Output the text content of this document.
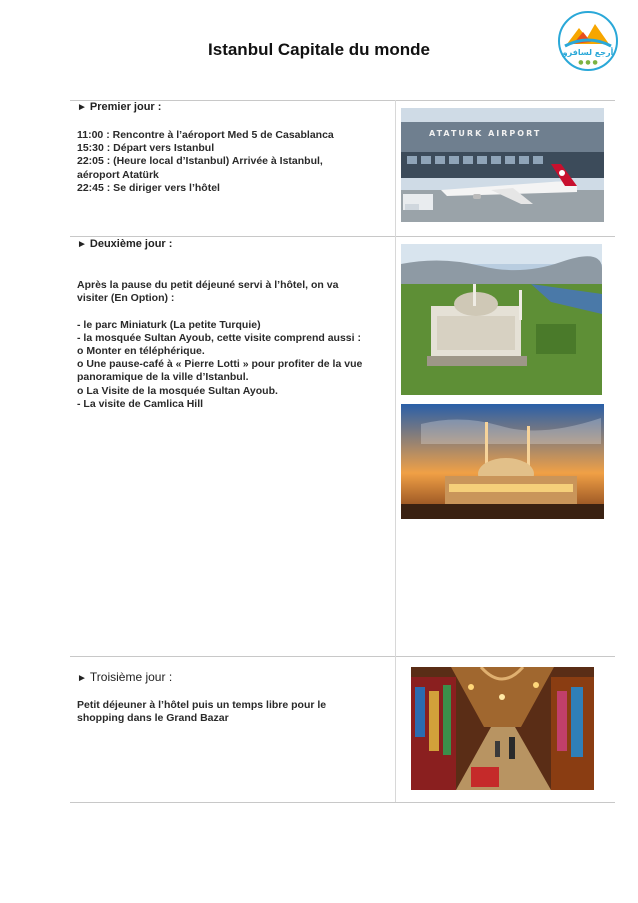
Istanbul Capitale du monde	أرجع لسافرو
● ● ●
► Premier jour :

11:00 : Rencontre à l’aéroport Med 5 de Casablanca

15:30 : Départ vers Istanbul

22:05 : (Heure local d’Istanbul) Arrivée à Istanbul,

aéroport Atatürk

22:45 : Se diriger vers l’hôtel

ATATURK AIRPORT
► Deuxième jour :

Après la pause du petit déjeuné servi à l’hôtel, on va

visiter (En Option) :

- le parc Miniaturk (La petite Turquie)

- la mosquée Sultan Ayoub, cette visite comprend aussi :

o Monter en téléphérique.

o Une pause-café à « Pierre Lotti » pour profiter de la vue

panoramique de la ville d’Istanbul.

o La Visite de la mosquée Sultan Ayoub.

- La visite de Camlica Hill

► Troisième jour :

Petit déjeuner à l’hôtel puis un temps libre pour le

shopping dans le Grand Bazar
